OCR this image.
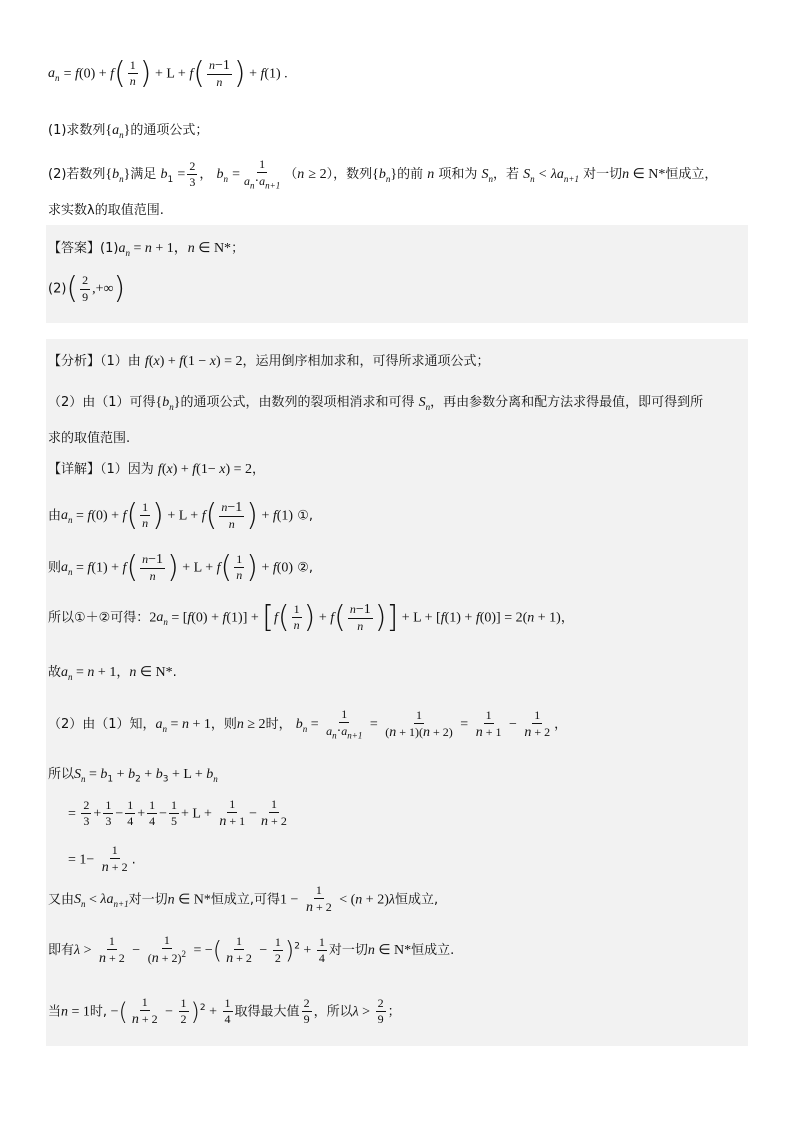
$a_n = f(0) + f( \frac{1}{n}$ ) + $L + f( \frac{n-1}{n}$ ) + f(1) .
(1)求数列$\{a_n\}$的通项公式；
(2)若数列$\{b_n\}$满足 $b_1 = \frac{2}{3}$ ， $b_n = \frac{1}{a_n\cdot a_{n+1}} (n \ge 2)$，数列$\{b_n\}$的前 n 项和为 $S_n$，若 $S_n < \lambda a_{n+1}$ 对一切n ∈ N*恒成立，
求实数λ的取值范围.
【答案】$(1)a_n = n + 1$，n ∈ N*；
$(2)( \frac{2}{9}$ ,+∞)
【分析】（1）由 f(x) + f(1 − x) = 2，运用倒序相加求和，可得所求通项公式；
（2）由（1）可得$\{b_n\}$的通项公式，由数列的裂项相消求和可得 $S_n$，再由参数分离和配方法求得最值，即可得到所
求的取值范围.
【详解】（1）因为 f(x) + f(1− x) = 2，
由$a_n = f(0) + f( \frac{1}{n}$ ) + $L + f( \frac{n-1}{n}$ ) + f(1) ①,
则$a_n = f(1) + f( \frac{n-1}{n}$ ) + $L + f( \frac{1}{n}$ ) + f(0) ②,
所以①＋②可得：$2a_n = [f(0) + f(1)] + [f( \frac{1}{n}$ ) + $f( \frac{n-1}{n}$ )] + L + [f(1) + f(0)] = 2(n + 1)，
故$a_n = n + 1$，n ∈ N*.
（2）由（1）知，$a_n = n + 1$，则n ≥ 2时， $b_n = \frac{1}{a_n\cdot a_{n+1}} = \frac{1}{(n + 1)(n + 2)} = \frac{1}{n + 1} - \frac{1}{n + 2}$ ，
所以$S_n = b_1 + b_2 + b_3 + L + b_n$
= $\frac{2}{3} + \frac{1}{3} - \frac{1}{4} + \frac{1}{4} - \frac{1}{5} + L + \frac{1}{n + 1} - \frac{1}{n + 2}$
= $1- \frac{1}{n + 2}$ .
又由$S_n < \lambda a_{n+1}$对一切n ∈ N*恒成立,可得$1 - \frac{1}{n + 2} < (n + 2)\lambda$恒成立,
即有$\lambda > \frac{1}{n + 2} - \frac{1}{(n + 2)^2}$ = −( $\frac{1}{n + 2} - \frac{1}{2} )^2 + \frac{1}{4}$ 对一切n ∈ N*恒成立.
当n = 1时, −( $\frac{1}{n + 2} - \frac{1}{2} )^2 + \frac{1}{4}$ 取得最大值 $\frac{2}{9}$ ，所以$\lambda > \frac{2}{9}$ ；
